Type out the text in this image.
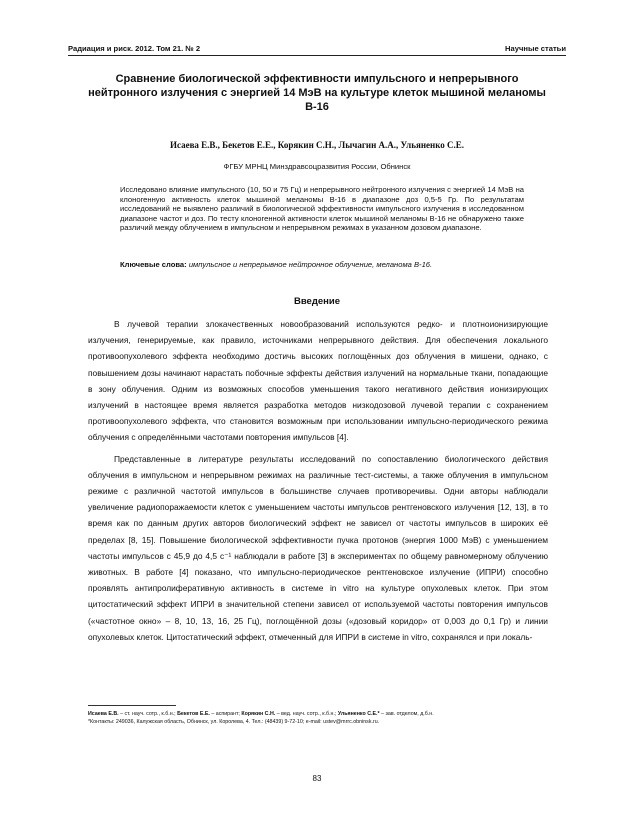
Радиация и риск. 2012. Том 21. № 2	Научные статьи
Сравнение биологической эффективности импульсного и непрерывного нейтронного излучения с энергией 14 МэВ на культуре клеток мышиной меланомы В-16
Исаева Е.В., Бекетов Е.Е., Корякин С.Н., Лычагин А.А., Ульяненко С.Е.
ФГБУ МРНЦ Минздравсоцразвития России, Обнинск
Исследовано влияние импульсного (10, 50 и 75 Гц) и непрерывного нейтронного излучения с энергией 14 МэВ на клоногенную активность клеток мышиной меланомы В-16 в диапазоне доз 0,5-5 Гр. По результатам исследований не выявлено различий в биологической эффективности импульсного излучения в исследованном диапазоне частот и доз. По тесту клоногенной активности клеток мышиной меланомы В-16 не обнаружено также различий между облучением в импульсном и непрерывном режимах в указанном дозовом диапазоне.
Ключевые слова: импульсное и непрерывное нейтронное облучение, меланома В-16.
Введение

В лучевой терапии злокачественных новообразований используются редко- и плотноионизирующие излучения, генерируемые, как правило, источниками непрерывного действия. Для обеспечения локального противоопухолевого эффекта необходимо достичь высоких поглощённых доз облучения в мишени, однако, с повышением дозы начинают нарастать побочные эффекты действия излучений на нормальные ткани, попадающие в зону облучения. Одним из возможных способов уменьшения такого негативного действия ионизирующих излучений в настоящее время является разработка методов низкодозовой лучевой терапии с сохранением противоопухолевого эффекта, что становится возможным при использовании импульсно-периодического режима облучения с определёнными частотами повторения импульсов [4].

Представленные в литературе результаты исследований по сопоставлению биологического действия облучения в импульсном и непрерывном режимах на различные тест-системы, а также облучения в импульсном режиме с различной частотой импульсов в большинстве случаев противоречивы. Одни авторы наблюдали увеличение радиопоражаемости клеток с уменьшением частоты импульсов рентгеновского излучения [12, 13], в то время как по данным других авторов биологический эффект не зависел от частоты импульсов в широких её пределах [8, 15]. Повышение биологической эффективности пучка протонов (энергия 1000 МэВ) с уменьшением частоты импульсов с 45,9 до 4,5 с⁻¹ наблюдали в работе [3] в экспериментах по общему равномерному облучению животных. В работе [4] показано, что импульсно-периодическое рентгеновское излучение (ИПРИ) способно проявлять антипролиферативную активность в системе in vitro на культуре опухолевых клеток. При этом цитостатический эффект ИПРИ в значительной степени зависел от используемой частоты повторения импульсов («частотное окно» – 8, 10, 13, 16, 25 Гц), поглощённой дозы («дозовый коридор» от 0,003 до 0,1 Гр) и линии опухолевых клеток. Цитостатический эффект, отмеченный для ИПРИ в системе in vitro, сохранялся и при локаль-

Исаева Е.В. – ст. науч. сотр., к.б.н.; Бекетов Е.Е. – аспирант; Корякин С.Н. – вед. науч. сотр., к.б.н.; Ульяненко С.Е.* – зав. отделом, д.б.н.
*Контакты: 249036, Калужская область, Обнинск, ул. Королева, 4. Тел.: (48439) 9-72-10; e-mail: ustev@mrrc.obninsk.ru.
83
